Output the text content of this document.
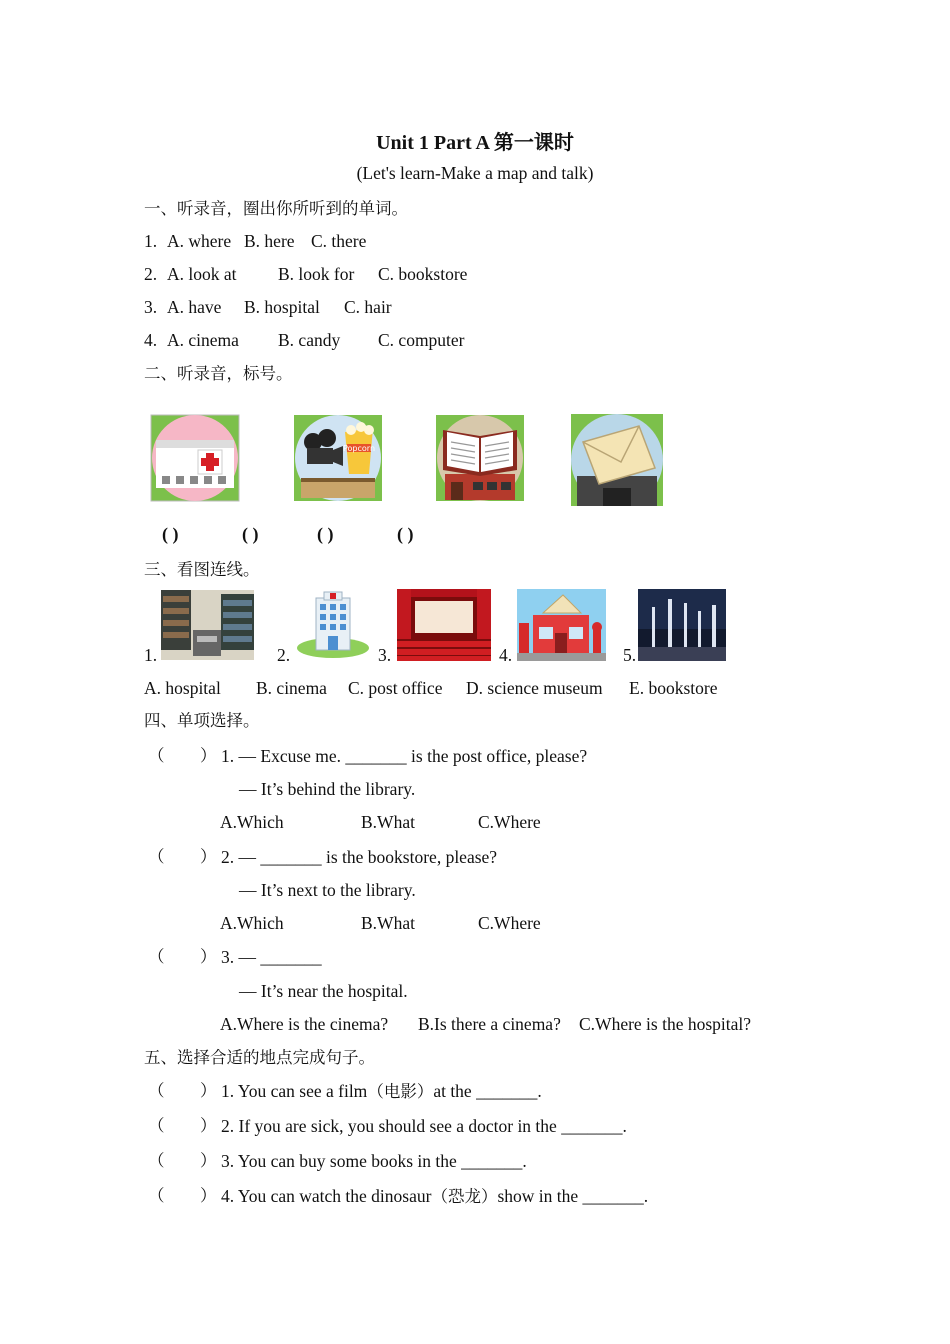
Unit 1 Part A 第一课时
(Let's learn-Make a map and talk)
一、听录音，圈出你所听到的单词。
1. A. where B. here C. there
2. A. look at B. look for C. bookstore
3. A. have B. hospital C. hair
4. A. cinema B. candy C. computer
二、听录音，标号。
Popcorn
( )	( )	( )	( )
三、看图连线。
1.	2.	3.	4.	5.
A. hospital B. cinema C. post office D. science museum E. bookstore
四、单项选择。
（ ） 1. — Excuse me. _______ is the post office, please?
— It’s behind the library.
A.Which	B.What	C.Where
（ ） 2. — _______ is the bookstore, please?
— It’s next to the library.
A.Which	B.What	C.Where
（ ） 3. — _______
— It’s near the hospital.
A.Where is the cinema? B.Is there a cinema? C.Where is the hospital?
五、选择合适的地点完成句子。
（ ） 1. You can see a film（电影）at the _______.
（ ） 2. If you are sick, you should see a doctor in the _______.
（ ） 3. You can buy some books in the _______.
（ ） 4. You can watch the dinosaur（恐龙）show in the _______.
